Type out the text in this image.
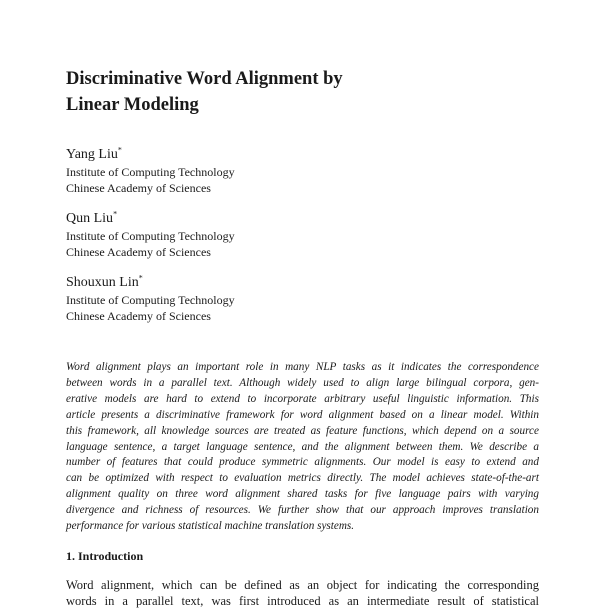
Discriminative Word Alignment by
Linear Modeling
Yang Liu*
Institute of Computing Technology
Chinese Academy of Sciences
Qun Liu*
Institute of Computing Technology
Chinese Academy of Sciences
Shouxun Lin*
Institute of Computing Technology
Chinese Academy of Sciences
Word alignment plays an important role in many NLP tasks as it indicates the correspondence
between words in a parallel text. Although widely used to align large bilingual corpora, gen-
erative models are hard to extend to incorporate arbitrary useful linguistic information. This
article presents a discriminative framework for word alignment based on a linear model. Within
this framework, all knowledge sources are treated as feature functions, which depend on a source
language sentence, a target language sentence, and the alignment between them. We describe a
number of features that could produce symmetric alignments. Our model is easy to extend and
can be optimized with respect to evaluation metrics directly. The model achieves state-of-the-art
alignment quality on three word alignment shared tasks for five language pairs with varying
divergence and richness of resources. We further show that our approach improves translation
performance for various statistical machine translation systems.
1. Introduction
Word alignment, which can be defined as an object for indicating the corresponding
words in a parallel text, was first introduced as an intermediate result of statistical
